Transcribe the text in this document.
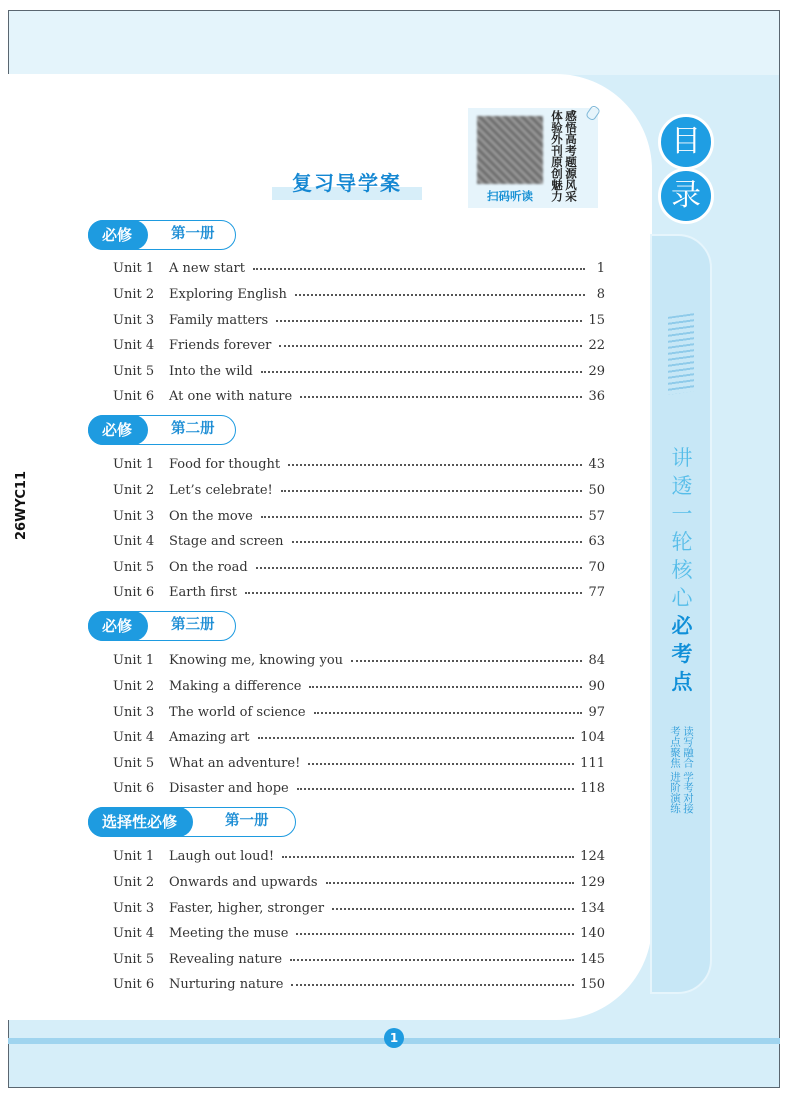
1
26WYC11
目
录
讲
透
一
轮
核
心
必
考
点
读写融合 学考对接
考点聚焦 进阶演练
扫码听读	感悟高考题源风采体验外刊原创魅力
复习导学案
必修	第一册
Unit 1	A new start	1
Unit 2	Exploring English	8
Unit 3	Family matters	15
Unit 4	Friends forever	22
Unit 5	Into the wild	29
Unit 6	At one with nature	36
必修	第二册
Unit 1	Food for thought	43
Unit 2	Let’s celebrate!	50
Unit 3	On the move	57
Unit 4	Stage and screen	63
Unit 5	On the road	70
Unit 6	Earth first	77
必修	第三册
Unit 1	Knowing me, knowing you	84
Unit 2	Making a difference	90
Unit 3	The world of science	97
Unit 4	Amazing art	104
Unit 5	What an adventure!	111
Unit 6	Disaster and hope	118
选择性必修	第一册
Unit 1	Laugh out loud!	124
Unit 2	Onwards and upwards	129
Unit 3	Faster, higher, stronger	134
Unit 4	Meeting the muse	140
Unit 5	Revealing nature	145
Unit 6	Nurturing nature	150
